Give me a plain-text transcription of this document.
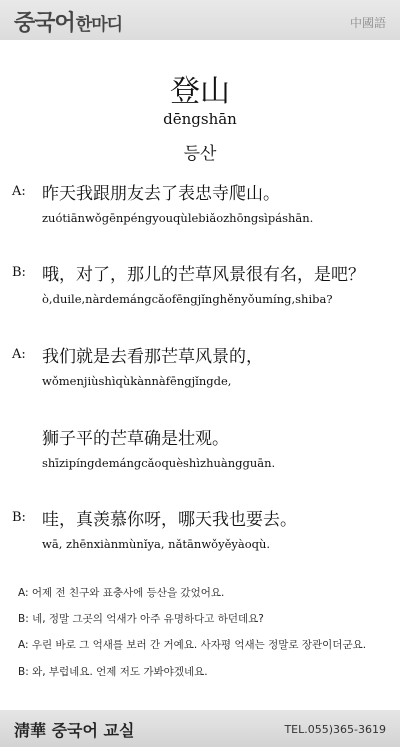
중국어한마디	中國語
登山
dēngshān
등산
A: 昨天我跟朋友去了表忠寺爬山。
zuótiānwǒgēnpéngyouqùlebiǎozhōngsìpáshān.
B: 哦，对了，那儿的芒草风景很有名，是吧？
ò,duile,nàrdemángcǎofēngjǐnghěnyǒumíng,shiba?
A: 我们就是去看那芒草风景的，
wǒmenjiùshìqùkànnàfēngjǐngde,
狮子平的芒草确是壮观。
shīzipíngdemángcǎoquèshìzhuàngguān.
B: 哇，真羡慕你呀，哪天我也要去。
wā, zhēnxiànmùnǐya, nǎtānwǒyěyàoqù.
A: 어제 전 친구와 표충사에 등산을 갔었어요.
B: 네, 정말 그곳의 억새가 아주 유명하다고 하던데요?
A: 우린 바로 그 억새를 보러 간 거예요. 사자평 억새는 정말로 장관이더군요.
B: 와, 부럽네요. 언제 저도 가봐야겠네요.
淸華 중국어 교실	TEL.055)365-3619
